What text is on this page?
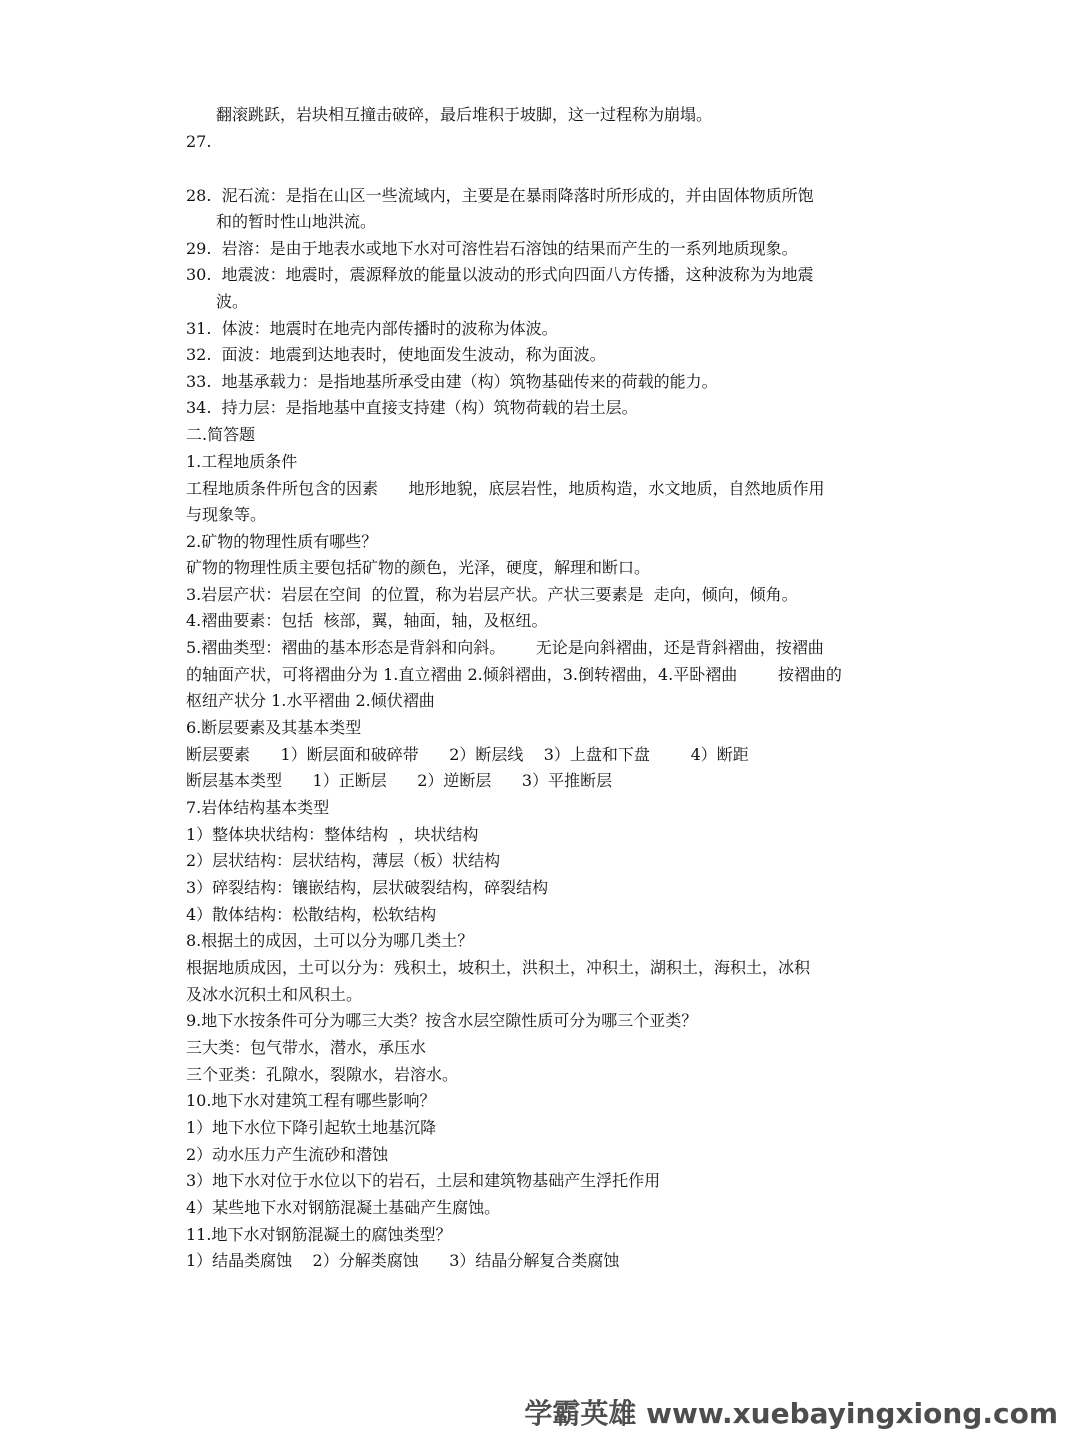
翻滚跳跃，岩块相互撞击破碎，最后堆积于坡脚，这一过程称为崩塌。
27.
28.  泥石流：是指在山区一些流域内，主要是在暴雨降落时所形成的，并由固体物质所饱
和的暂时性山地洪流。
29.  岩溶：是由于地表水或地下水对可溶性岩石溶蚀的结果而产生的一系列地质现象。
30.  地震波：地震时，震源释放的能量以波动的形式向四面八方传播，这种波称为为地震
波。
31.  体波：地震时在地壳内部传播时的波称为体波。
32.  面波：地震到达地表时，使地面发生波动，称为面波。
33.  地基承载力：是指地基所承受由建（构）筑物基础传来的荷载的能力。
34.  持力层：是指地基中直接支持建（构）筑物荷载的岩土层。
二.简答题
1.工程地质条件
工程地质条件所包含的因素      地形地貌，底层岩性，地质构造，水文地质，自然地质作用
与现象等。
2.矿物的物理性质有哪些？
矿物的物理性质主要包括矿物的颜色，光泽，硬度，解理和断口。
3.岩层产状：岩层在空间  的位置，称为岩层产状。产状三要素是  走向，倾向，倾角。
4.褶曲要素：包括  核部，翼，轴面，轴，及枢纽。
5.褶曲类型：褶曲的基本形态是背斜和向斜。      无论是向斜褶曲，还是背斜褶曲，按褶曲
的轴面产状，可将褶曲分为 1.直立褶曲 2.倾斜褶曲，3.倒转褶曲，4.平卧褶曲        按褶曲的
枢纽产状分 1.水平褶曲 2.倾伏褶曲
6.断层要素及其基本类型
断层要素      1）断层面和破碎带      2）断层线    3）上盘和下盘        4）断距
断层基本类型      1）正断层      2）逆断层      3）平推断层
7.岩体结构基本类型
1）整体块状结构：整体结构  ，块状结构
2）层状结构：层状结构，薄层（板）状结构
3）碎裂结构：镶嵌结构，层状破裂结构，碎裂结构
4）散体结构：松散结构，松软结构
8.根据土的成因，土可以分为哪几类土？
根据地质成因，土可以分为：残积土，坡积土，洪积土，冲积土，湖积土，海积土，冰积
及冰水沉积土和风积土。
9.地下水按条件可分为哪三大类？按含水层空隙性质可分为哪三个亚类？
三大类：包气带水，潜水，承压水
三个亚类：孔隙水，裂隙水，岩溶水。
10.地下水对建筑工程有哪些影响？
1）地下水位下降引起软土地基沉降
2）动水压力产生流砂和潜蚀
3）地下水对位于水位以下的岩石，土层和建筑物基础产生浮托作用
4）某些地下水对钢筋混凝土基础产生腐蚀。
11.地下水对钢筋混凝土的腐蚀类型？
1）结晶类腐蚀    2）分解类腐蚀      3）结晶分解复合类腐蚀
学霸英雄 www.xuebayingxiong.com
